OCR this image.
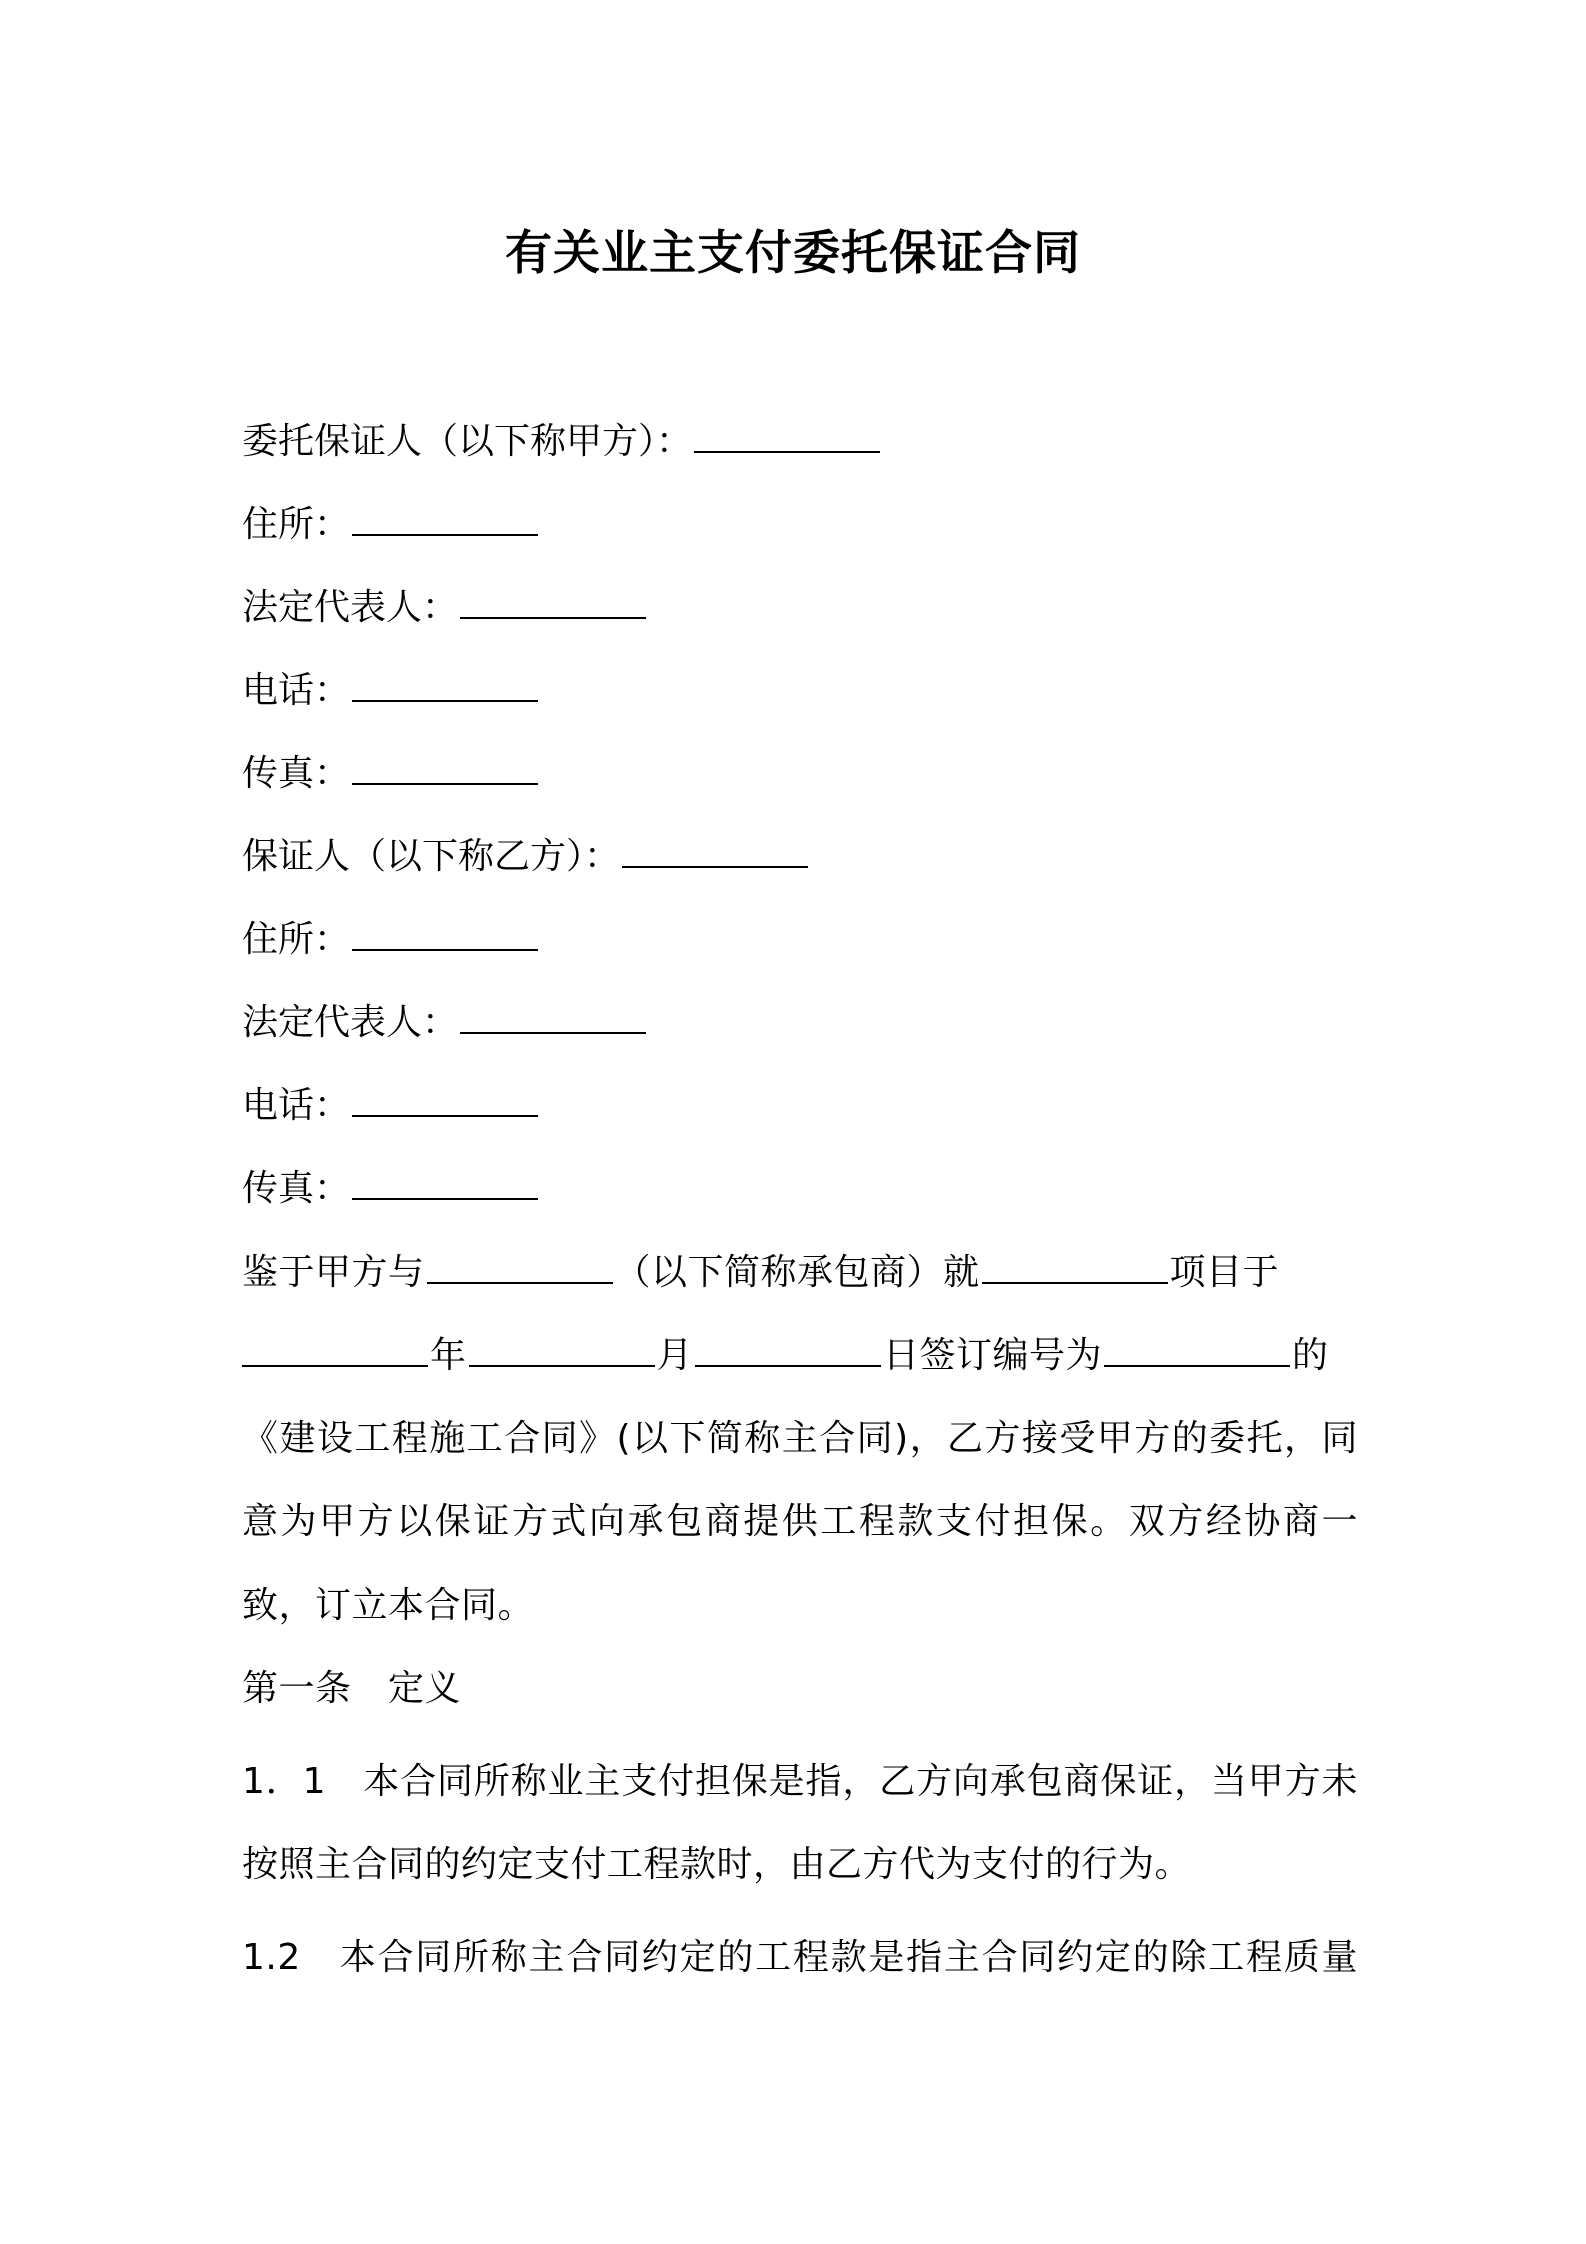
有关业主支付委托保证合同
委托保证人（以下称甲方）：
住所：
法定代表人：
电话：
传真：
保证人（以下称乙方）：
住所：
法定代表人：
电话：
传真：
鉴于甲方与	（以下简称承包商）就	项目于
年	月	日签订编号为	的
《建设工程施工合同》(以下简称主合同)，乙方接受甲方的委托，同
意为甲方以保证方式向承包商提供工程款支付担保。双方经协商一
致，订立本合同。
第一条　定义
1．1　本合同所称业主支付担保是指，乙方向承包商保证，当甲方未
按照主合同的约定支付工程款时，由乙方代为支付的行为。
1.2　本合同所称主合同约定的工程款是指主合同约定的除工程质量
